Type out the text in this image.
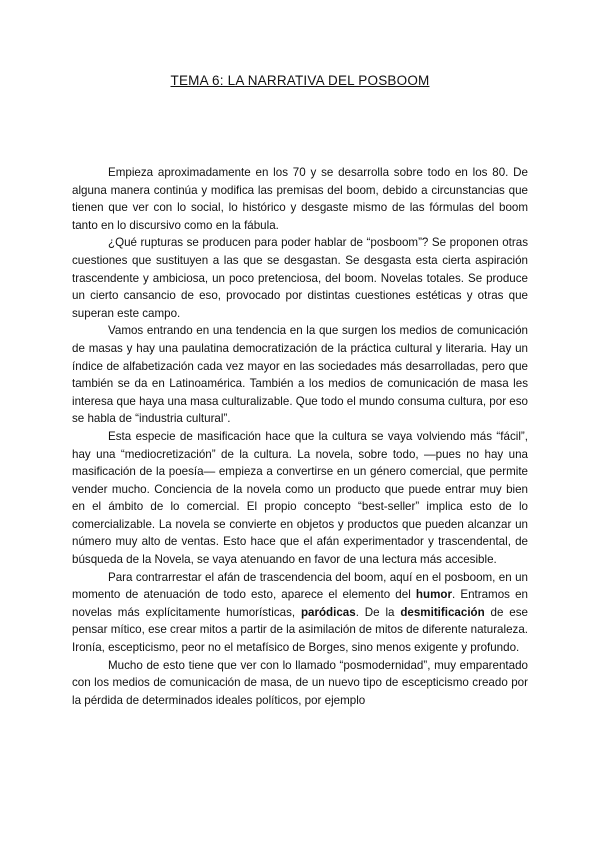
TEMA 6: LA NARRATIVA DEL POSBOOM

Empieza aproximadamente en los 70 y se desarrolla sobre todo en los 80. De alguna manera continúa y modifica las premisas del boom, debido a circunstancias que tienen que ver con lo social, lo histórico y desgaste mismo de las fórmulas del boom tanto en lo discursivo como en la fábula.

¿Qué rupturas se producen para poder hablar de “posboom”? Se proponen otras cuestiones que sustituyen a las que se desgastan. Se desgasta esta cierta aspiración trascendente y ambiciosa, un poco pretenciosa, del boom. Novelas totales. Se produce un cierto cansancio de eso, provocado por distintas cuestiones estéticas y otras que superan este campo.

Vamos entrando en una tendencia en la que surgen los medios de comunicación de masas y hay una paulatina democratización de la práctica cultural y literaria. Hay un índice de alfabetización cada vez mayor en las sociedades más desarrolladas, pero que también se da en Latinoamérica. También a los medios de comunicación de masa les interesa que haya una masa culturalizable. Que todo el mundo consuma cultura, por eso se habla de “industria cultural”.

Esta especie de masificación hace que la cultura se vaya volviendo más “fácil”, hay una “mediocretización” de la cultura. La novela, sobre todo, —pues no hay una masificación de la poesía— empieza a convertirse en un género comercial, que permite vender mucho. Conciencia de la novela como un producto que puede entrar muy bien en el ámbito de lo comercial. El propio concepto “best-seller” implica esto de lo comercializable. La novela se convierte en objetos y productos que pueden alcanzar un número muy alto de ventas. Esto hace que el afán experimentador y trascendental, de búsqueda de la Novela, se vaya atenuando en favor de una lectura más accesible.

Para contrarrestar el afán de trascendencia del boom, aquí en el posboom, en un momento de atenuación de todo esto, aparece el elemento del humor. Entramos en novelas más explícitamente humorísticas, paródicas. De la desmitificación de ese pensar mítico, ese crear mitos a partir de la asimilación de mitos de diferente naturaleza. Ironía, escepticismo, peor no el metafísico de Borges, sino menos exigente y profundo.

Mucho de esto tiene que ver con lo llamado “posmodernidad”, muy emparentado con los medios de comunicación de masa, de un nuevo tipo de escepticismo creado por la pérdida de determinados ideales políticos, por ejemplo
